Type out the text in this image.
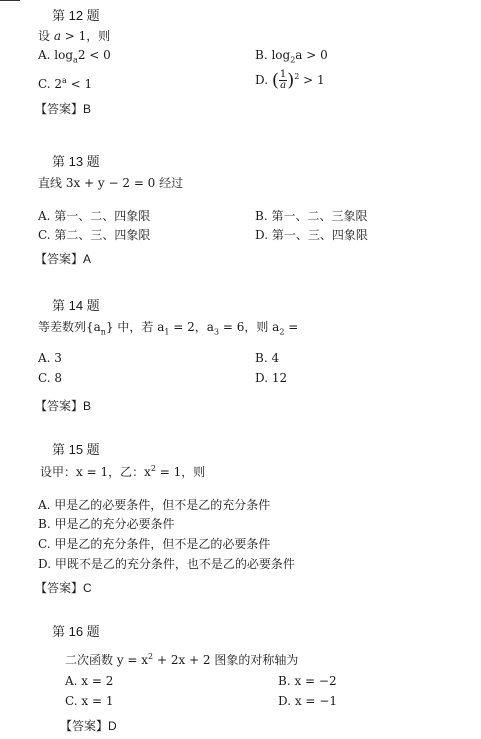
第 12 题
设 a > 1，则
A. $\log_a2 < 0$	B. $\log_2a > 0$
C. $2^a < 1$	D. ( $\frac{1}{a} )^2 > 1$
【答案】B
第 13 题
直线 3x + y − 2 = 0 经过
A. 第一、二、四象限	B. 第一、二、三象限
C. 第二、三、四象限	D. 第一、三、四象限
【答案】A
第 14 题
等差数列$\{a_n\}$ 中，若 $a_1 = 2$，$a_3 = 6$，则 $a_2$ =
A. 3	B. 4
C. 8	D. 12
【答案】B
第 15 题
设甲：x = 1，乙：$x^2 = 1$，则
A. 甲是乙的必要条件，但不是乙的充分条件
B. 甲是乙的充分必要条件
C. 甲是乙的充分条件，但不是乙的必要条件
D. 甲既不是乙的充分条件，也不是乙的必要条件
【答案】C
第 16 题
二次函数 $y = x^2 + 2x + 2$ 图象的对称轴为
A. x = 2	B. x = −2
C. x = 1	D. x = −1
【答案】D
